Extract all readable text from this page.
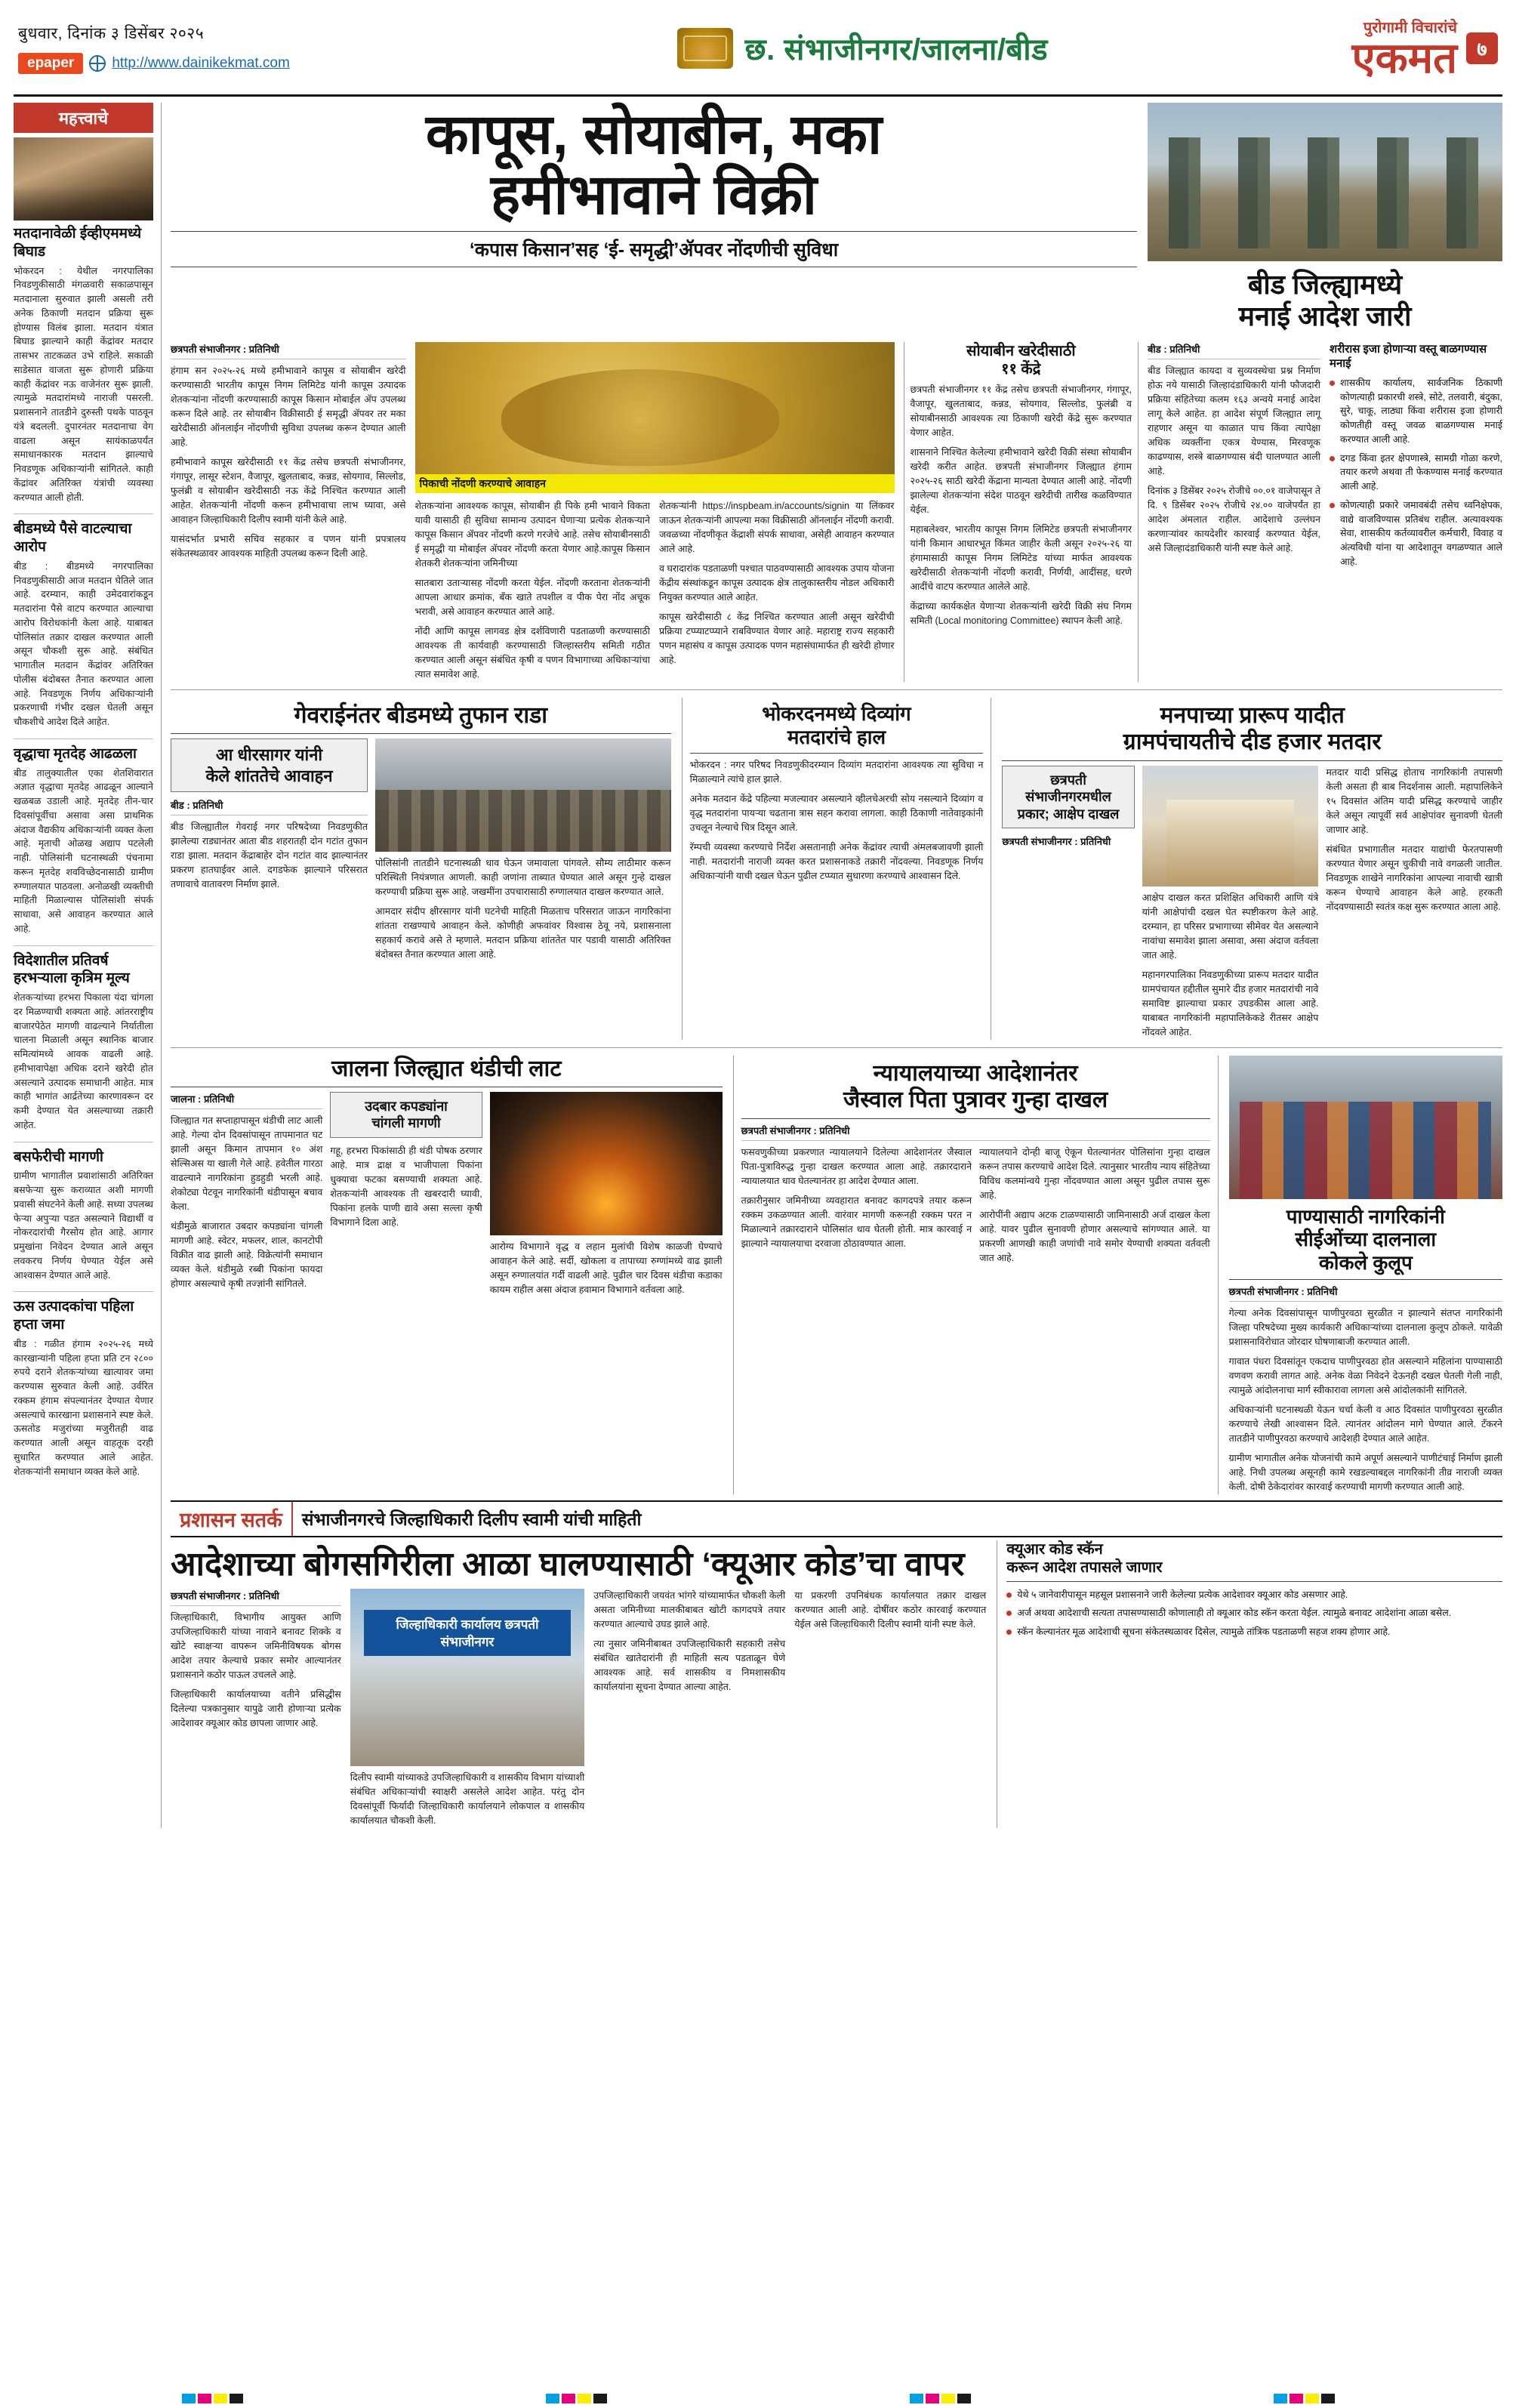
बुधवार, दिनांक ३ डिसेंबर २०२५
epaper	http://www.dainikekmat.com	छ. संभाजीनगर/जालना/बीड
पुरोगामी विचारांचे
एकमत	७
महत्त्वाचे
मतदानावेळी ईव्हीएममध्ये बिघाड
भोकरदन : येथील नगरपालिका निवडणुकीसाठी मंगळवारी सकाळपासून मतदानाला सुरुवात झाली असली तरी अनेक ठिकाणी मतदान प्रक्रिया सुरू होण्यास विलंब झाला. मतदान यंत्रात बिघाड झाल्याने काही केंद्रांवर मतदार तासभर ताटकळत उभे राहिले. सकाळी साडेसात वाजता सुरू होणारी प्रक्रिया काही केंद्रांवर नऊ वाजेनंतर सुरू झाली. त्यामुळे मतदारांमध्ये नाराजी पसरली. प्रशासनाने तातडीने दुरुस्ती पथके पाठवून यंत्रे बदलली. दुपारनंतर मतदानाचा वेग वाढला असून सायंकाळपर्यंत समाधानकारक मतदान झाल्याचे निवडणूक अधिकाऱ्यांनी सांगितले. काही केंद्रांवर अतिरिक्त यंत्रांची व्यवस्था करण्यात आली होती.
बीडमध्ये पैसे वाटल्याचा आरोप
बीड : बीडमध्ये नगरपालिका निवडणुकीसाठी आज मतदान घेतिले जात आहे. दरम्यान, काही उमेदवारांकडून मतदारांना पैसे वाटप करण्यात आल्याचा आरोप विरोधकांनी केला आहे. याबाबत पोलिसांत तक्रार दाखल करण्यात आली असून चौकशी सुरू आहे. संबंधित भागातील मतदान केंद्रांवर अतिरिक्त पोलीस बंदोबस्त तैनात करण्यात आला आहे. निवडणूक निर्णय अधिकाऱ्यांनी प्रकरणाची गंभीर दखल घेतली असून चौकशीचे आदेश दिले आहेत.
वृद्धाचा मृतदेह आढळला
बीड तालुक्यातील एका शेतशिवारात अज्ञात वृद्धाचा मृतदेह आढळून आल्याने खळबळ उडाली आहे. मृतदेह तीन-चार दिवसांपूर्वीचा असावा असा प्राथमिक अंदाज वैद्यकीय अधिकाऱ्यांनी व्यक्त केला आहे. मृताची ओळख अद्याप पटलेली नाही. पोलिसांनी घटनास्थळी पंचनामा करून मृतदेह शवविच्छेदनासाठी ग्रामीण रुग्णालयात पाठवला. अनोळखी व्यक्तीची माहिती मिळाल्यास पोलिसांशी संपर्क साधावा, असे आवाहन करण्यात आले आहे.
विदेशातील प्रतिवर्ष हरभऱ्याला कृत्रिम मूल्य
शेतकऱ्यांच्या हरभरा पिकाला यंदा चांगला दर मिळण्याची शक्यता आहे. आंतरराष्ट्रीय बाजारपेठेत मागणी वाढल्याने निर्यातीला चालना मिळाली असून स्थानिक बाजार समित्यांमध्ये आवक वाढली आहे. हमीभावापेक्षा अधिक दराने खरेदी होत असल्याने उत्पादक समाधानी आहेत. मात्र काही भागांत आर्द्रतेच्या कारणावरून दर कमी देण्यात येत असल्याच्या तक्रारी आहेत.
बसफेरीची मागणी
ग्रामीण भागातील प्रवाशांसाठी अतिरिक्त बसफेऱ्या सुरू कराव्यात अशी मागणी प्रवासी संघटनेने केली आहे. सध्या उपलब्ध फेऱ्या अपुऱ्या पडत असल्याने विद्यार्थी व नोकरदारांची गैरसोय होत आहे. आगार प्रमुखांना निवेदन देण्यात आले असून लवकरच निर्णय घेण्यात येईल असे आश्वासन देण्यात आले आहे.
ऊस उत्पादकांचा पहिला हप्ता जमा
बीड : गळीत हंगाम २०२५-२६ मध्ये कारखान्यांनी पहिला हप्ता प्रति टन २८०० रुपये दराने शेतकऱ्यांच्या खात्यावर जमा करण्यास सुरुवात केली आहे. उर्वरित रक्कम हंगाम संपल्यानंतर देण्यात येणार असल्याचे कारखाना प्रशासनाने स्पष्ट केले. ऊसतोड मजुरांच्या मजुरीतही वाढ करण्यात आली असून वाहतूक दरही सुधारित करण्यात आले आहेत. शेतकऱ्यांनी समाधान व्यक्त केले आहे.
कापूस, सोयाबीन, मका
हमीभावाने विक्री
‘कपास किसान’सह ‘ई- समृद्धी’ॲपवर नोंदणीची सुविधा
बीड जिल्ह्यामध्ये
मनाई आदेश जारी
छत्रपती संभाजीनगर : प्रतिनिधी
हंगाम सन २०२५-२६ मध्ये हमीभावाने कापूस व सोयाबीन खरेदी करण्यासाठी भारतीय कापूस निगम लिमिटेड यांनी कापूस उत्पादक शेतकऱ्यांना नोंदणी करण्यासाठी कापूस किसान मोबाईल ॲप उपलब्ध करून दिले आहे. तर सोयाबीन विक्रीसाठी ई समृद्धी ॲपवर तर मका खरेदीसाठी ऑनलाईन नोंदणीची सुविधा उपलब्ध करून देण्यात आली आहे.
हमीभावाने कापूस खरेदीसाठी ११ केंद्र तसेच छत्रपती संभाजीनगर, गंगापूर, लासूर स्टेशन, वैजापूर, खुलताबाद, कन्नड, सोयगाव, सिल्लोड, फुलंब्री व सोयाबीन खरेदीसाठी नऊ केंद्रे निश्चित करण्यात आली आहेत. शेतकऱ्यांनी नोंदणी करून हमीभावाचा लाभ घ्यावा, असे आवाहन जिल्हाधिकारी दिलीप स्वामी यांनी केले आहे.
यासंदर्भात प्रभारी सचिव सहकार व पणन यांनी प्रपत्रालय संकेतस्थळावर आवश्यक माहिती उपलब्ध करून दिली आहे.
पिकाची नोंदणी करण्याचे आवाहन
शेतकऱ्यांना आवश्यक कापूस, सोयाबीन ही पिके हमी भावाने विकता यावी यासाठी ही सुविधा सामान्य उत्पादन घेणाऱ्या प्रत्येक शेतकऱ्याने कापूस किसान ॲपवर नोंदणी करणे गरजेचे आहे. तसेच सोयाबीनसाठी ई समृद्धी या मोबाईल ॲपवर नोंदणी करता येणार आहे.कापूस किसान शेतकरी शेतकऱ्यांना जमिनीच्या
सातबारा उताऱ्यासह नोंदणी करता येईल. नोंदणी करताना शेतकऱ्यांनी आपला आधार क्रमांक, बँक खाते तपशील व पीक पेरा नोंद अचूक भरावी, असे आवाहन करण्यात आले आहे.
नोंदी आणि कापूस लागवड क्षेत्र दर्शविणारी पडताळणी करण्यासाठी आवश्यक ती कार्यवाही करण्यासाठी जिल्हास्तरीय समिती गठीत करण्यात आली असून संबंधित कृषी व पणन विभागाच्या अधिकाऱ्यांचा त्यात समावेश आहे.
शेतकऱ्यांनी https://inspbeam.in/accounts/signin या लिंकवर जाऊन शेतकऱ्यांनी आपल्या मका विक्रीसाठी ऑनलाईन नोंदणी करावी. जवळच्या नोंदणीकृत केंद्राशी संपर्क साधावा, असेही आवाहन करण्यात आले आहे.
व घरादारांक पडताळणी पश्चात पाठवण्यासाठी आवश्यक उपाय योजना केंद्रीय संस्थांकडून कापूस उत्पादक क्षेत्र तालुकास्तरीय नोडल अधिकारी नियुक्त करण्यात आले आहेत.
कापूस खरेदीसाठी ८ केंद्र निश्चित करण्यात आली असून खरेदीची प्रक्रिया टप्प्याटप्प्याने राबविण्यात येणार आहे. महाराष्ट्र राज्य सहकारी पणन महासंघ व कापूस उत्पादक पणन महासंघामार्फत ही खरेदी होणार आहे.
सोयाबीन खरेदीसाठी
११ केंद्रे
छत्रपती संभाजीनगर ११ केंद्र तसेच छत्रपती संभाजीनगर, गंगापूर, वैजापूर, खुलताबाद, कन्नड, सोयगाव, सिल्लोड, फुलंब्री व सोयाबीनसाठी आवश्यक त्या ठिकाणी खरेदी केंद्रे सुरू करण्यात येणार आहेत.
शासनाने निश्चित केलेल्या हमीभावाने खरेदी विक्री संस्था सोयाबीन खरेदी करीत आहेत. छत्रपती संभाजीनगर जिल्ह्यात हंगाम २०२५-२६ साठी खरेदी केंद्राना मान्यता देण्यात आली आहे. नोंदणी झालेल्या शेतकऱ्यांना संदेश पाठवून खरेदीची तारीख कळविण्यात येईल.
महाबलेश्वर, भारतीय कापूस निगम लिमिटेड छत्रपती संभाजीनगर यांनी किमान आधारभूत किंमत जाहीर केली असून २०२५-२६ या हंगामासाठी कापूस निगम लिमिटेड यांच्या मार्फत आवश्यक खरेदीसाठी शेतकऱ्यांनी नोंदणी करावी, निर्णयी, आदींसह, धरणे आदींचे वाटप करण्यात आलेले आहे.
केंद्राच्या कार्यकक्षेत येणाऱ्या शेतकऱ्यांनी खरेदी विक्री संघ निगम समिती (Local monitoring Committee) स्थापन केली आहे.
बीड : प्रतिनिधी
बीड जिल्ह्यात कायदा व सुव्यवस्थेचा प्रश्न निर्माण होऊ नये यासाठी जिल्हादंडाधिकारी यांनी फौजदारी प्रक्रिया संहितेच्या कलम १६३ अन्वये मनाई आदेश लागू केले आहेत. हा आदेश संपूर्ण जिल्ह्यात लागू राहणार असून या काळात पाच किंवा त्यापेक्षा अधिक व्यक्तींना एकत्र येण्यास, मिरवणूक काढण्यास, शस्त्रे बाळगण्यास बंदी घालण्यात आली आहे.
दिनांक ३ डिसेंबर २०२५ रोजीचे ००.०१ वाजेपासून ते दि. ९ डिसेंबर २०२५ रोजीचे २४.०० वाजेपर्यंत हा आदेश अंमलात राहील. आदेशाचे उल्लंघन करणाऱ्यांवर कायदेशीर कारवाई करण्यात येईल, असे जिल्हादंडाधिकारी यांनी स्पष्ट केले आहे.
शरीरास इजा होणाऱ्या वस्तू बाळगण्यास मनाई
शासकीय कार्यालय, सार्वजनिक ठिकाणी कोणत्याही प्रकारची शस्त्रे, सोटे, तलवारी, बंदुका, सुरे, चाकू, लाठ्या किंवा शरीरास इजा होणारी कोणतीही वस्तू जवळ बाळगण्यास मनाई करण्यात आली आहे.
दगड किंवा इतर क्षेपणास्त्रे, सामग्री गोळा करणे, तयार करणे अथवा ती फेकण्यास मनाई करण्यात आली आहे.
कोणत्याही प्रकारे जमावबंदी तसेच ध्वनिक्षेपक, वाद्ये वाजविण्यास प्रतिबंध राहील. अत्यावश्यक सेवा, शासकीय कर्तव्यावरील कर्मचारी, विवाह व अंत्यविधी यांना या आदेशातून वगळण्यात आले आहे.
गेवराईनंतर बीडमध्ये तुफान राडा
आ धीरसागर यांनी
केले शांततेचे आवाहन
बीड : प्रतिनिधी
बीड जिल्ह्यातील गेवराई नगर परिषदेच्या निवडणुकीत झालेल्या राड्यानंतर आता बीड शहरातही दोन गटांत तुफान राडा झाला. मतदान केंद्राबाहेर दोन गटांत वाद झाल्यानंतर प्रकरण हातघाईवर आले. दगडफेक झाल्याने परिसरात तणावाचे वातावरण निर्माण झाले.
पोलिसांनी तातडीने घटनास्थळी धाव घेऊन जमावाला पांगवले. सौम्य लाठीमार करून परिस्थिती नियंत्रणात आणली. काही जणांना ताब्यात घेण्यात आले असून गुन्हे दाखल करण्याची प्रक्रिया सुरू आहे. जखमींना उपचारासाठी रुग्णालयात दाखल करण्यात आले.
आमदार संदीप क्षीरसागर यांनी घटनेची माहिती मिळताच परिसरात जाऊन नागरिकांना शांतता राखण्याचे आवाहन केले. कोणीही अफवांवर विश्वास ठेवू नये, प्रशासनाला सहकार्य करावे असे ते म्हणाले. मतदान प्रक्रिया शांततेत पार पडावी यासाठी अतिरिक्त बंदोबस्त तैनात करण्यात आला आहे.
भोकरदनमध्ये दिव्यांग
मतदारांचे हाल
भोकरदन : नगर परिषद निवडणुकीदरम्यान दिव्यांग मतदारांना आवश्यक त्या सुविधा न मिळाल्याने त्यांचे हाल झाले.
अनेक मतदान केंद्रे पहिल्या मजल्यावर असल्याने व्हीलचेअरची सोय नसल्याने दिव्यांग व वृद्ध मतदारांना पायऱ्या चढताना त्रास सहन करावा लागला. काही ठिकाणी नातेवाइकांनी उचलून नेल्याचे चित्र दिसून आले.
रॅम्पची व्यवस्था करण्याचे निर्देश असतानाही अनेक केंद्रांवर त्याची अंमलबजावणी झाली नाही. मतदारांनी नाराजी व्यक्त करत प्रशासनाकडे तक्रारी नोंदवल्या. निवडणूक निर्णय अधिकाऱ्यांनी याची दखल घेऊन पुढील टप्प्यात सुधारणा करण्याचे आश्वासन दिले.
मनपाच्या प्रारूप यादीत
ग्रामपंचायतीचे दीड हजार मतदार
छत्रपती
संभाजीनगरमधील
प्रकार; आक्षेप दाखल
छत्रपती संभाजीनगर : प्रतिनिधी
आक्षेप दाखल करत प्रशिक्षित अधिकारी आणि यंत्रे यांनी आक्षेपांची दखल घेत स्पष्टीकरण केले आहे. दरम्यान, हा परिसर प्रभागाच्या सीमेवर येत असल्याने नावांचा समावेश झाला असावा, असा अंदाज वर्तवला जात आहे.
महानगरपालिका निवडणुकीच्या प्रारूप मतदार यादीत ग्रामपंचायत हद्दीतील सुमारे दीड हजार मतदारांची नावे समाविष्ट झाल्याचा प्रकार उघडकीस आला आहे. याबाबत नागरिकांनी महापालिकेकडे रीतसर आक्षेप नोंदवले आहेत.
मतदार यादी प्रसिद्ध होताच नागरिकांनी तपासणी केली असता ही बाब निदर्शनास आली. महापालिकेने १५ दिवसांत अंतिम यादी प्रसिद्ध करण्याचे जाहीर केले असून त्यापूर्वी सर्व आक्षेपांवर सुनावणी घेतली जाणार आहे.
संबंधित प्रभागातील मतदार याद्यांची फेरतपासणी करण्यात येणार असून चुकीची नावे वगळली जातील. निवडणूक शाखेने नागरिकांना आपल्या नावाची खात्री करून घेण्याचे आवाहन केले आहे. हरकती नोंदवण्यासाठी स्वतंत्र कक्ष सुरू करण्यात आला आहे.
जालना जिल्ह्यात थंडीची लाट
जालना : प्रतिनिधी
जिल्ह्यात गत सप्ताहापासून थंडीची लाट आली आहे. गेल्या दोन दिवसांपासून तापमानात घट झाली असून किमान तापमान १० अंश सेल्सिअस या खाली गेले आहे. हवेतील गारठा वाढल्याने नागरिकांना हुडहुडी भरली आहे. शेकोट्या पेटवून नागरिकांनी थंडीपासून बचाव केला.
थंडीमुळे बाजारात उबदार कपड्यांना चांगली मागणी आहे. स्वेटर, मफलर, शाल, कानटोपी विक्रीत वाढ झाली आहे. विक्रेत्यांनी समाधान व्यक्त केले. थंडीमुळे रब्बी पिकांना फायदा होणार असल्याचे कृषी तज्ज्ञांनी सांगितले.
उदबार कपड्यांना
चांगली मागणी
गहू, हरभरा पिकांसाठी ही थंडी पोषक ठरणार आहे. मात्र द्राक्ष व भाजीपाला पिकांना धुक्याचा फटका बसण्याची शक्यता आहे. शेतकऱ्यांनी आवश्यक ती खबरदारी घ्यावी, पिकांना हलके पाणी द्यावे असा सल्ला कृषी विभागाने दिला आहे.
आरोग्य विभागाने वृद्ध व लहान मुलांची विशेष काळजी घेण्याचे आवाहन केले आहे. सर्दी, खोकला व तापाच्या रुग्णांमध्ये वाढ झाली असून रुग्णालयांत गर्दी वाढली आहे. पुढील चार दिवस थंडीचा कडाका कायम राहील असा अंदाज हवामान विभागाने वर्तवला आहे.
न्यायालयाच्या आदेशानंतर
जैस्वाल पिता पुत्रावर गुन्हा दाखल
छत्रपती संभाजीनगर : प्रतिनिधी
फसवणुकीच्या प्रकरणात न्यायालयाने दिलेल्या आदेशानंतर जैस्वाल पिता-पुत्राविरुद्ध गुन्हा दाखल करण्यात आला आहे. तक्रारदाराने न्यायालयात धाव घेतल्यानंतर हा आदेश देण्यात आला.
तक्रारीनुसार जमिनीच्या व्यवहारात बनावट कागदपत्रे तयार करून रक्कम उकळण्यात आली. वारंवार मागणी करूनही रक्कम परत न मिळाल्याने तक्रारदाराने पोलिसांत धाव घेतली होती. मात्र कारवाई न झाल्याने न्यायालयाचा दरवाजा ठोठावण्यात आला.
न्यायालयाने दोन्ही बाजू ऐकून घेतल्यानंतर पोलिसांना गुन्हा दाखल करून तपास करण्याचे आदेश दिले. त्यानुसार भारतीय न्याय संहितेच्या विविध कलमांन्वये गुन्हा नोंदवण्यात आला असून पुढील तपास सुरू आहे.
आरोपींनी अद्याप अटक टाळण्यासाठी जामिनासाठी अर्ज दाखल केला आहे. यावर पुढील सुनावणी होणार असल्याचे सांगण्यात आले. या प्रकरणी आणखी काही जणांची नावे समोर येण्याची शक्यता वर्तवली जात आहे.
पाण्यासाठी नागरिकांनी
सीईओंच्या दालनाला
कोकले कुलूप
छत्रपती संभाजीनगर : प्रतिनिधी
गेल्या अनेक दिवसांपासून पाणीपुरवठा सुरळीत न झाल्याने संतप्त नागरिकांनी जिल्हा परिषदेच्या मुख्य कार्यकारी अधिकाऱ्यांच्या दालनाला कुलूप ठोकले. यावेळी प्रशासनाविरोधात जोरदार घोषणाबाजी करण्यात आली.
गावात पंधरा दिवसांतून एकदाच पाणीपुरवठा होत असल्याने महिलांना पाण्यासाठी वणवण करावी लागत आहे. अनेक वेळा निवेदने देऊनही दखल घेतली गेली नाही, त्यामुळे आंदोलनाचा मार्ग स्वीकारावा लागला असे आंदोलकांनी सांगितले.
अधिकाऱ्यांनी घटनास्थळी येऊन चर्चा केली व आठ दिवसांत पाणीपुरवठा सुरळीत करण्याचे लेखी आश्वासन दिले. त्यानंतर आंदोलन मागे घेण्यात आले. टँकरने तातडीने पाणीपुरवठा करण्याचे आदेशही देण्यात आले आहेत.
ग्रामीण भागातील अनेक योजनांची कामे अपूर्ण असल्याने पाणीटंचाई निर्माण झाली आहे. निधी उपलब्ध असूनही कामे रखडल्याबद्दल नागरिकांनी तीव्र नाराजी व्यक्त केली. दोषी ठेकेदारांवर कारवाई करण्याची मागणी करण्यात आली आहे.
प्रशासन सतर्क	संभाजीनगरचे जिल्हाधिकारी दिलीप स्वामी यांची माहिती
आदेशाच्या बोगसगिरीला आळा घालण्यासाठी ‘क्यूआर कोड’चा वापर
छत्रपती संभाजीनगर : प्रतिनिधी
जिल्हाधिकारी, विभागीय आयुक्त आणि उपजिल्हाधिकारी यांच्या नावाने बनावट शिक्के व खोटे स्वाक्षऱ्या वापरून जमिनीविषयक बोगस आदेश तयार केल्याचे प्रकार समोर आल्यानंतर प्रशासनाने कठोर पाऊल उचलले आहे.
जिल्हाधिकारी कार्यालयाच्या वतीने प्रसिद्धीस दिलेल्या पत्रकानुसार यापुढे जारी होणाऱ्या प्रत्येक आदेशावर क्यूआर कोड छापला जाणार आहे.
जिल्हाधिकारी कार्यालय छत्रपती संभाजीनगर
दिलीप स्वामी यांच्याकडे उपजिल्हाधिकारी व शासकीय विभाग यांच्याशी संबंधित अधिकाऱ्यांची स्वाक्षरी असलेले आदेश आहेत. परंतु दोन दिवसांपूर्वी फिर्यादी जिल्हाधिकारी कार्यालयाने लोकपाल व शासकीय कार्यालयात चौकशी केली.
उपजिल्हाधिकारी जयवंत भांगरे यांच्यामार्फत चौकशी केली असता जमिनीच्या मालकीबाबत खोटी कागदपत्रे तयार करण्यात आल्याचे उघड झाले आहे.
त्या नुसार जमिनीबाबत उपजिल्हाधिकारी सहकारी तसेच संबंधित खातेदारांनी ही माहिती सत्य पडताळून घेणे आवश्यक आहे. सर्व शासकीय व निमशासकीय कार्यालयांना सूचना देण्यात आल्या आहेत.
या प्रकरणी उपनिबंधक कार्यालयात तक्रार दाखल करण्यात आली आहे. दोषींवर कठोर कारवाई करण्यात येईल असे जिल्हाधिकारी दिलीप स्वामी यांनी स्पष्ट केले.
क्यूआर कोड स्कॅन
करून आदेश तपासले जाणार
येथे ५ जानेवारीपासून महसूल प्रशासनाने जारी केलेल्या प्रत्येक आदेशावर क्यूआर कोड असणार आहे.
अर्ज अथवा आदेशाची सत्यता तपासण्यासाठी कोणालाही तो क्यूआर कोड स्कॅन करता येईल. त्यामुळे बनावट आदेशांना आळा बसेल.
स्कॅन केल्यानंतर मूळ आदेशाची सूचना संकेतस्थळावर दिसेल, त्यामुळे तांत्रिक पडताळणी सहज शक्य होणार आहे.
